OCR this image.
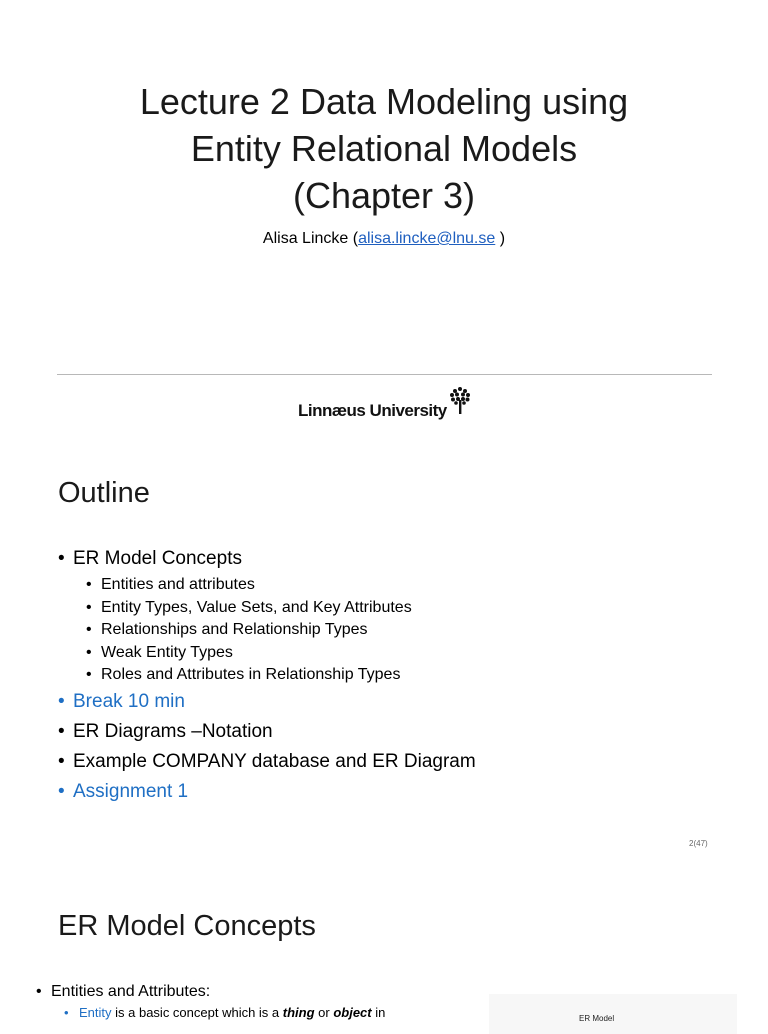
Lecture 2 Data Modeling using
Entity Relational Models
(Chapter 3)
Alisa Lincke (alisa.lincke@lnu.se )
Linnæus University
Outline
• ER Model Concepts
• Entities and attributes
• Entity Types, Value Sets, and Key Attributes
• Relationships and Relationship Types
• Weak Entity Types
• Roles and Attributes in Relationship Types
• Break 10 min
• ER Diagrams –Notation
• Example COMPANY database and ER Diagram
• Assignment 1
2(47)
ER Model Concepts
• Entities and Attributes:
• Entity is a basic concept which is a thing or object in	ER Model
